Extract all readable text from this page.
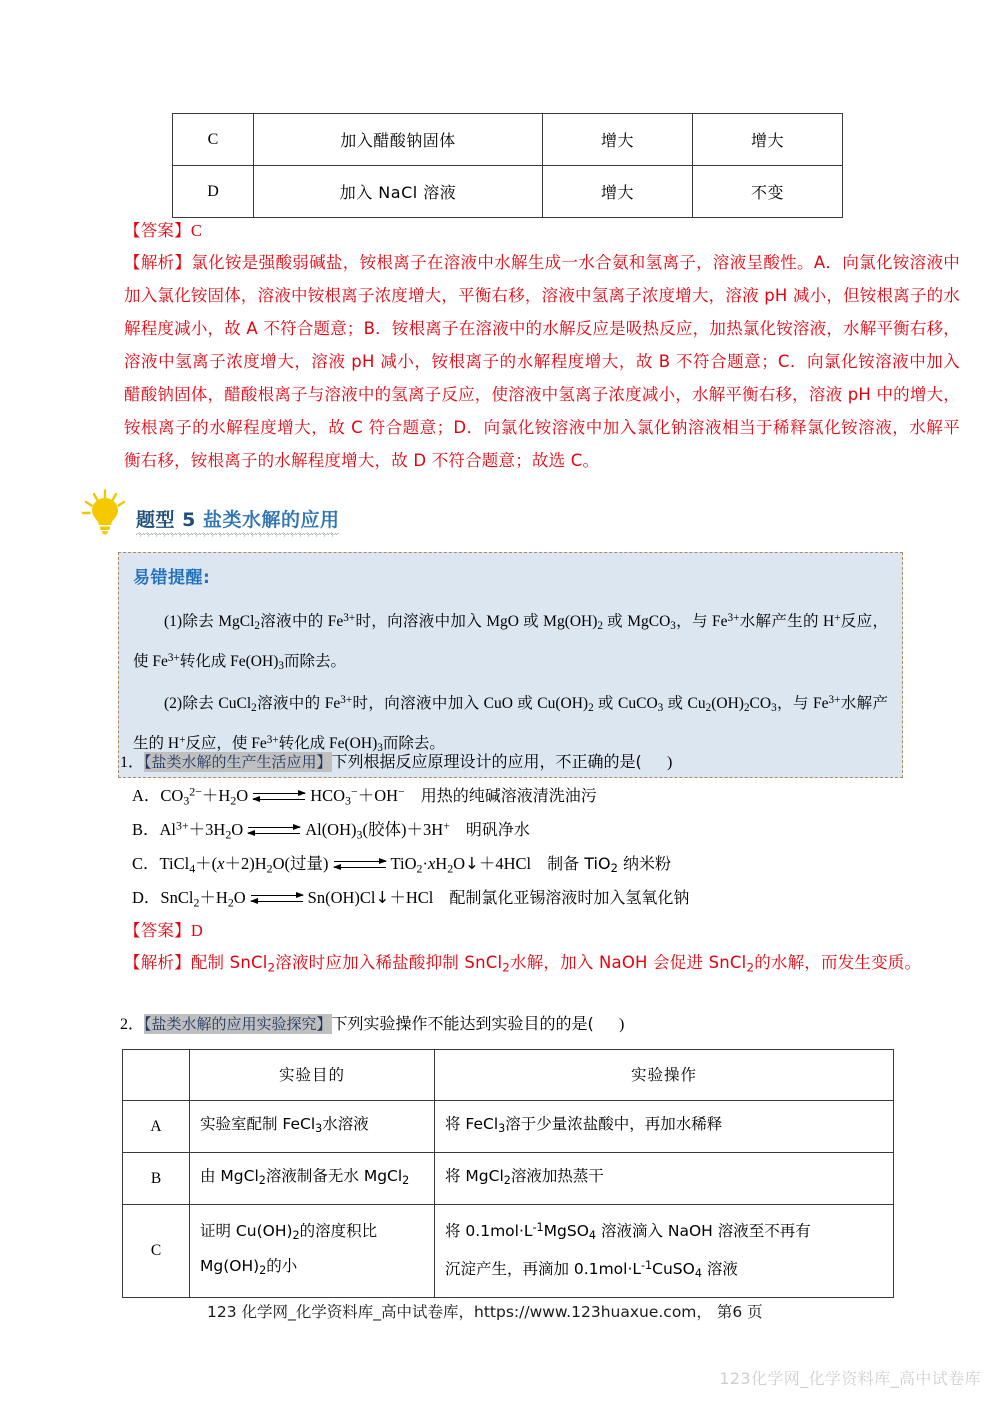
C	加入醋酸钠固体	增大	增大
D	加入 NaCl 溶液	增大	不变
【答案】C
【解析】氯化铵是强酸弱碱盐，铵根离子在溶液中水解生成一水合氨和氢离子，溶液呈酸性。A．向氯化铵溶液中加入氯化铵固体，溶液中铵根离子浓度增大，平衡右移，溶液中氢离子浓度增大，溶液 pH 减小，但铵根离子的水解程度减小，故 A 不符合题意；B．铵根离子在溶液中的水解反应是吸热反应，加热氯化铵溶液，水解平衡右移，溶液中氢离子浓度增大，溶液 pH 减小，铵根离子的水解程度增大，故 B 不符合题意；C．向氯化铵溶液中加入醋酸钠固体，醋酸根离子与溶液中的氢离子反应，使溶液中氢离子浓度减小，水解平衡右移，溶液 pH 中的增大，铵根离子的水解程度增大，故 C 符合题意；D．向氯化铵溶液中加入氯化钠溶液相当于稀释氯化铵溶液，水解平衡右移，铵根离子的水解程度增大，故 D 不符合题意；故选 C。
题型 5 盐类水解的应用
易错提醒:

(1)除去 MgCl$_2$溶液中的 $Fe^{3+}$时，向溶液中加入 MgO 或 $Mg(OH)_2$ 或 MgCO$_3$，与 $Fe^{3+}$水解产生的 H+反应，使 $Fe^{3+}$转化成 $Fe(OH)_3$而除去。

(2)除去 CuCl$_2$溶液中的 $Fe^{3+}$时，向溶液中加入 CuO 或 $Cu(OH)_2$ 或 CuCO$_3$ 或 $Cu_2(OH)_2CO_3$，与 $Fe^{3+}$水解产生的 H+反应，使 $Fe^{3+}$转化成 $Fe(OH)_3$而除去。

1．【盐类水解的生产生活应用】下列根据反应原理设计的应用，不正确的是( )
A．$CO_3^{2-}+H_2O$	$HCO_3^-+OH^-$ 用热的纯碱溶液清洗油污
B．$Al^{3+}+3H_2O$	$Al(OH)_3$(胶体)＋3H+ 明矾净水
C．$TiCl_4+(x+2)H_2O$(过量)	$TiO_2\cdot xH_2O↓+4HCl$ 制备 TiO$_2$ 纳米粉
D．$SnCl_2+H_2O$	Sn(OH)Cl↓＋HCl 配制氯化亚锡溶液时加入氢氧化钠
【答案】D
【解析】配制 SnCl$_2$溶液时应加入稀盐酸抑制 SnCl$_2$水解，加入 NaOH 会促进 SnCl$_2$的水解，而发生变质。
2．【盐类水解的应用实验探究】下列实验操作不能达到实验目的的是( )
	实验目的	实验操作
A	实验室配制 FeCl$_3$水溶液	将 FeCl$_3$溶于少量浓盐酸中，再加水稀释
B	由 MgCl$_2$溶液制备无水 MgCl$_2$	将 MgCl$_2$溶液加热蒸干
C	证明 $Cu(OH)_2$的溶度积比
$Mg(OH)_2$的小	将 $0.1mol\cdot L^{-1}MgSO_4$ 溶液滴入 NaOH 溶液至不再有
沉淀产生，再滴加 $0.1mol\cdot L^{-1}CuSO_4$ 溶液
123 化学网_化学资料库_高中试卷库，https://www.123huaxue.com， 第6 页
123化学网_化学资料库_高中试卷库
